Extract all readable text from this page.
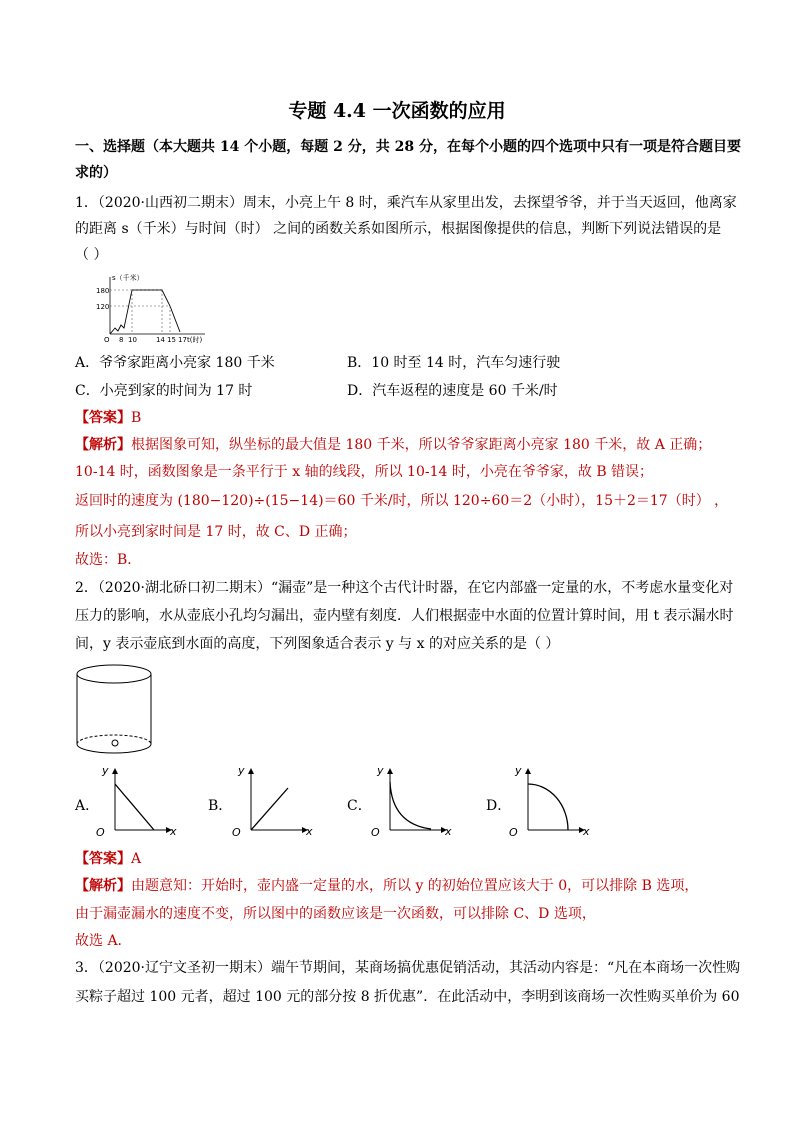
专题 4.4 一次函数的应用
一、选择题（本大题共 14 个小题，每题 2 分，共 28 分，在每个小题的四个选项中只有一项是符合题目要
求的）
1．（2020·山西初二期末）周末，小亮上午 8 时，乘汽车从家里出发，去探望爷爷，并于当天返回，他离家
的距离 s（千米）与时间（时） 之间的函数关系如图所示，根据图像提供的信息，判断下列说法错误的是
（ ）
s（千米）
180
120
O 8 10	14 15 17 t(时)
A．爷爷家距离小亮家 180 千米	B．10 时至 14 时，汽车匀速行驶
C．小亮到家的时间为 17 时	D．汽车返程的速度是 60 千米/时
【答案】B
【解析】根据图象可知，纵坐标的最大值是 180 千米，所以爷爷家距离小亮家 180 千米，故 A 正确；
10-14 时，函数图象是一条平行于 x 轴的线段，所以 10-14 时，小亮在爷爷家，故 B 错误；
返回时的速度为 (180−120)÷(15−14)＝60 千米/时，所以 120÷60＝2（小时），15＋2＝17（时） ，
所以小亮到家时间是 17 时，故 C、D 正确；
故选：B．
2．（2020·湖北硚口初二期末）“漏壶”是一种这个古代计时器，在它内部盛一定量的水，不考虑水量变化对
压力的影响，水从壶底小孔均匀漏出，壶内壁有刻度．人们根据壶中水面的位置计算时间，用 t 表示漏水时
间，y 表示壶底到水面的高度，下列图象适合表示 y 与 x 的对应关系的是（ ）
A．
y
x
O
B．
y
x
O
C．
y
x
O
D．
y
x
O
【答案】A
【解析】由题意知：开始时，壶内盛一定量的水，所以 y 的初始位置应该大于 0，可以排除 B 选项，
由于漏壶漏水的速度不变，所以图中的函数应该是一次函数，可以排除 C、D 选项，
故选 A．
3．（2020·辽宁文圣初一期末）端午节期间，某商场搞优惠促销活动，其活动内容是：“凡在本商场一次性购
买粽子超过 100 元者，超过 100 元的部分按 8 折优惠”．在此活动中，李明到该商场一次性购买单价为 60
